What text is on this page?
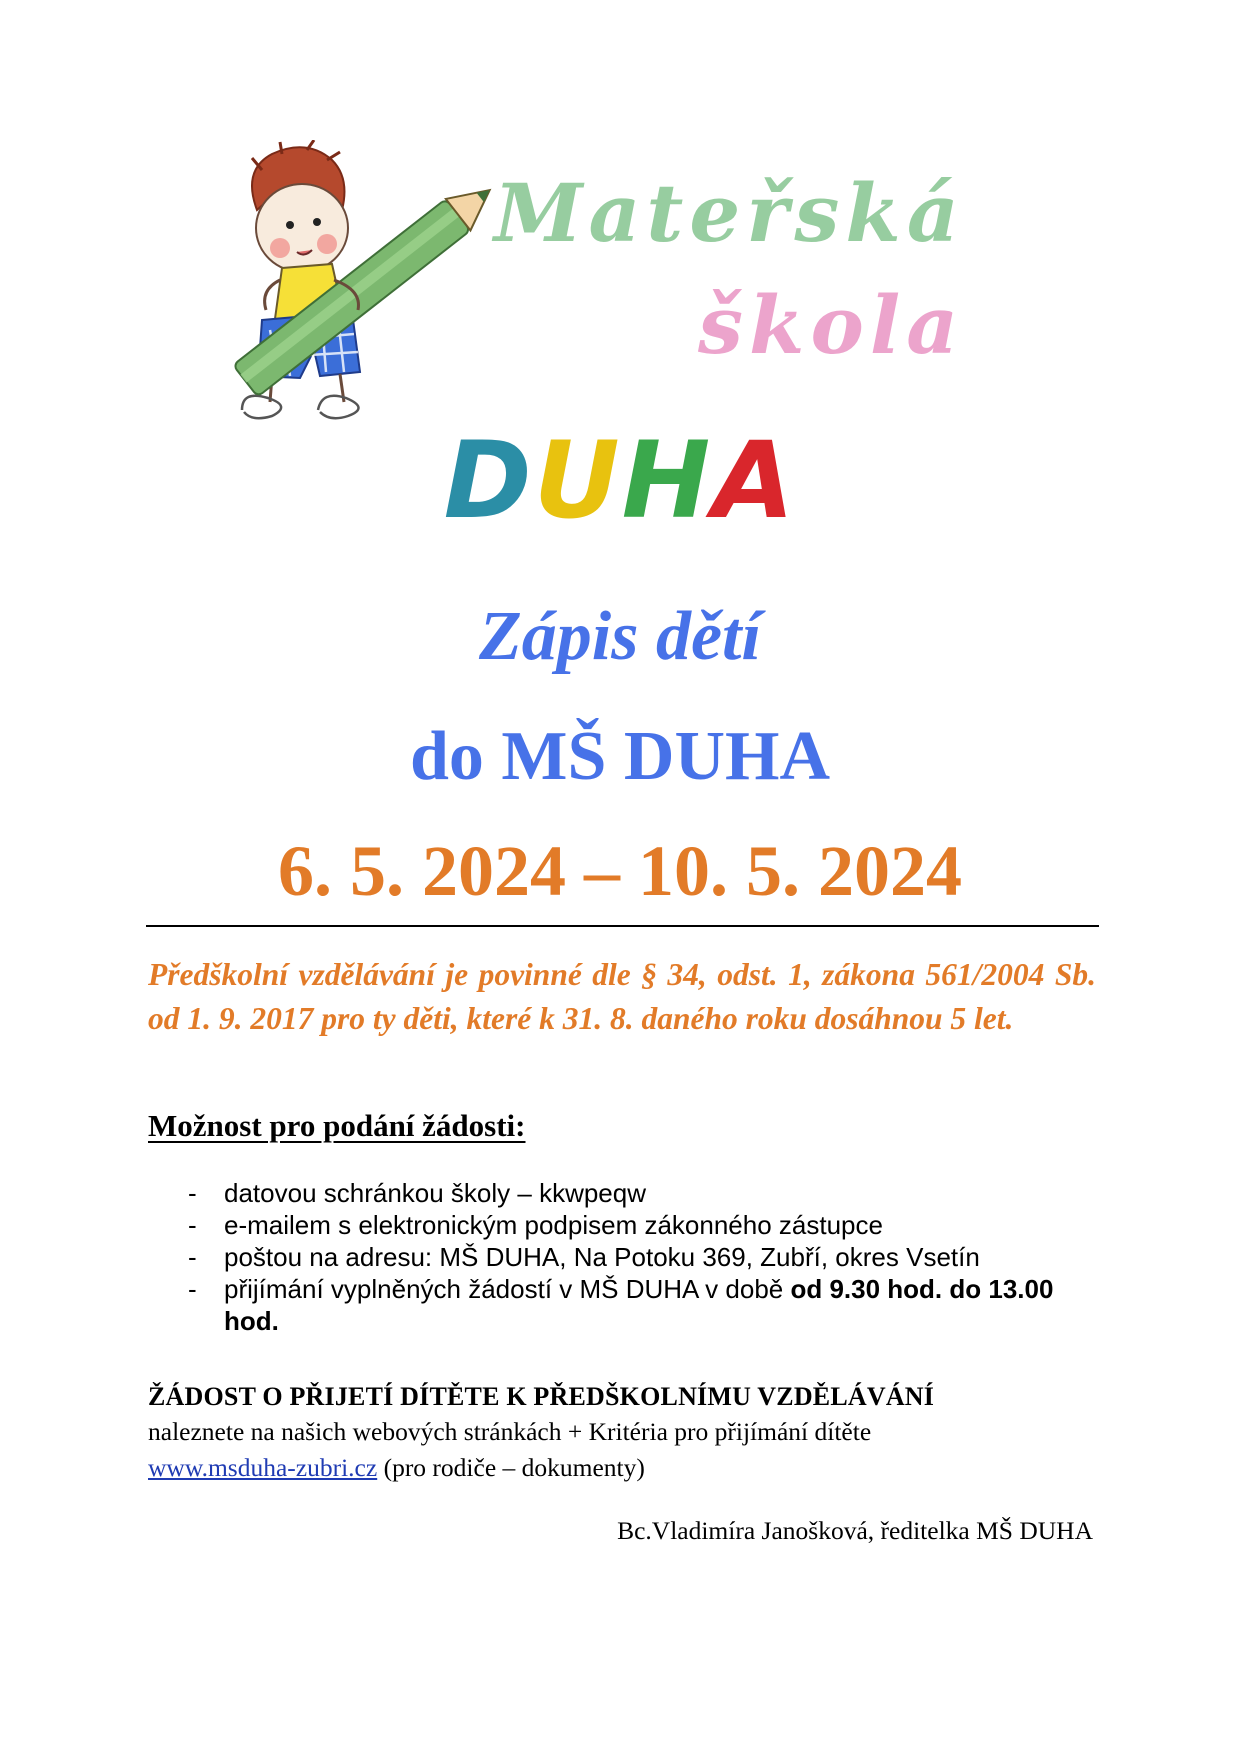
Mateřská
škola
DUHA
Zápis dětí
do MŠ DUHA
6. 5. 2024 – 10. 5. 2024

Předškolní vzdělávání je povinné dle § 34, odst. 1, zákona 561/2004 Sb. od 1. 9. 2017 pro ty děti, které k 31. 8. daného roku dosáhnou 5 let.

Možnost pro podání žádosti:
- datovou schránkou školy – kkwpeqw
- e-mailem s elektronickým podpisem zákonného zástupce
- poštou na adresu: MŠ DUHA, Na Potoku 369, Zubří, okres Vsetín
- přijímání vyplněných žádostí v MŠ DUHA v době od 9.30 hod. do 13.00 hod.
ŽÁDOST O PŘIJETÍ DÍTĚTE K PŘEDŠKOLNÍMU VZDĚLÁVÁNÍ

naleznete na našich webových stránkách + Kritéria pro přijímání dítěte
www.msduha-zubri.cz (pro rodiče – dokumenty)

Bc.Vladimíra Janošková, ředitelka MŠ DUHA
